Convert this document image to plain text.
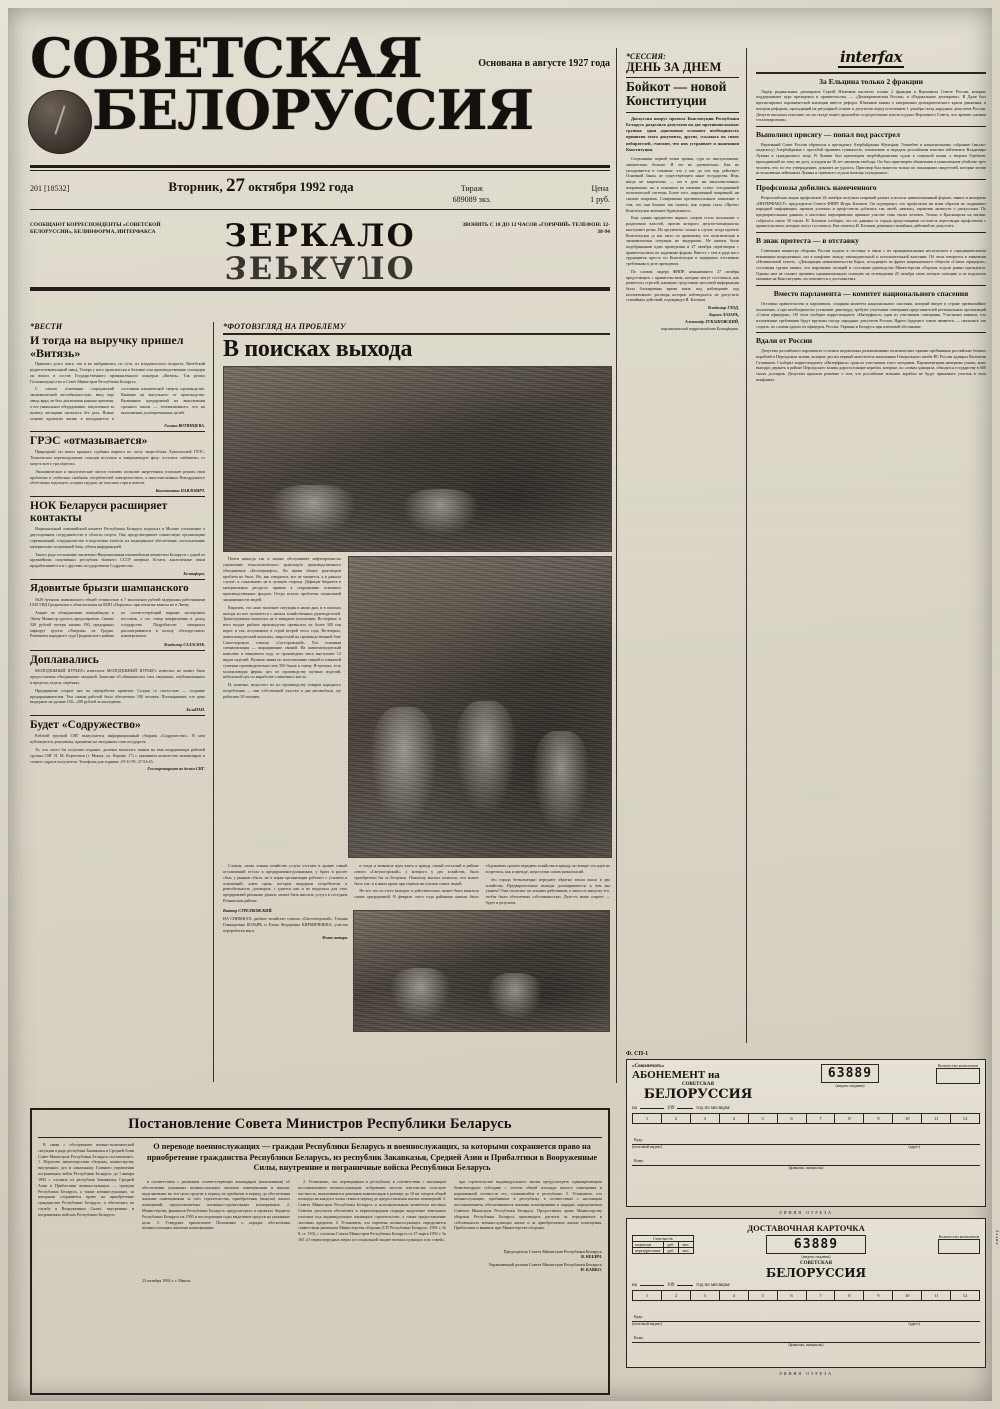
СОВЕТСКАЯ
БЕЛОРУССИЯ
Основана в августе 1927 года
201 [18532]	Вторник, 27 октября 1992 года	Тираж
689089 экз.
Цена
1 руб.
СООБЩАЮТ КОРРЕСПОНДЕНТЫ «СОВЕТСКОЙ БЕЛОРУССИИ», БЕЛИНФОРМА, ИНТЕРФАКСА	ЗЕРКАЛО
ЗЕРКАЛО
ЗВОНИТЬ С 10 ДО 12 ЧАСОВ «ГОРЯЧИЙ» ТЕЛЕФОН: 32-38-94
*ВЕСТИ
И тогда на выручку пришел «Витязь»

Приказал долго жить, так и не выбравшись, по сути, из младенческого возраста, Витебский радиотелевизионный завод. Теперь у него практически в базовые или производственные площадки он вошел в состав Государственного промышленного концерна «Витязь». Так решил Госкомимущество и Совет Министров Республики Беларусь.

С самого основания стародавский экономический нестабильностью, ввод еще завод вряд ли был реализован раньше времени, а его уникальное оборудование, закупленное за валюту, месяцами пылилось без дела. Новые хозяева вдохнули жизнь в находящееся в состоянии клинической смерти производство. Вызвано на выгульного от производства. Вызванные предприятий на выполнении срочного заказа — телевизионного, что на выполнении долговременных целей.

Галина ВОТИНЦЕВА.
ГРЭС «отмазывается»

Природный газ начал вращать турбины первого по счету энергоблока Лукомльской ГРЭС. Техническое перевооружение станции вступило в завершающую фазу: остались «избавить» от мазута всего три агрегата.

Экономические и экологические чистое топливо позволит энергетикам успешнее решать свои проблемы и стабильно снабжать потребителей электричеством, а многочисленных Новодружного облегченно вздохнуть «подвал грудью, не опасаясь гари и копоти.

Константин ПАВЛОВИЧ.
НОК Беларуси расширяет контакты

Национальный олимпийский комитет Республики Беларусь подписал в Москве соглашение о двустороннем сотрудничестве в области спорта. Оно предусматривает совместную организацию соревнований, сотрудничество в подготовке атлетов, их медицинское обеспечение, использование материально-спортивной базы, обмен информацией.

Такого рода соглашение заключено Национальным олимпийским комитетом Беларуси с одной из крупнейших спортивных республик бывшего СССР впервые. Кстати, аналогичные связи прорабатываются и с другими государствами Содружества.

Белинформ.
Ядовитые брызги шампанского

5629 бутылок шампанского общей стоимостью в 7 миллионов рублей задержаны работниками ГАИ УВД Гродненского облисполкома на КПП «Порычье» при попытке вывоза их в Литву.

Акцию по обнаружению контрабанды и Литву Министр удалось предотвратить. Свыше 320 рублей потери нашим 190, предпринял маршрут группа «Энергия» из Гродно. Решением народного суда Гродненского района по соответствующий вариант экспортных поставок, а его товар конфискован в доход государства. Подробности материала рассматриваются в пользу «белорусским» коммерсантам.

Владимир САЛАСЮК.
Доплавались

МОЛОДЕЖНЫЙ КУРЬЕР» известное МОЛОДЕЖНЫЙ КУРЬЕР» известно не может быть предоставлено объединение сведений. Записано об обязанностях этих сведениях, опубликованных в пределах отдела, перечнях.

Предприятие открыт цех по переработке креветок. Создан со смелостью — создание предпринимателем. Тем самым работой было обеспечено 180 человек. Поговаривают, что цена выдержит на уровне 150—200 рублей за килограмм.

БелаПАН.
Будет «Содружество»

Рабочей группой СНГ выпускается информационный сборник «Содружество». В нем публикуются документы, принятые на заседаниях глав государств.

То, что хотел бы получить издание, должны высылать заявки на имя координатора рабочей группы СНГ Н. М. Коротчени (г. Минск, ул. Кирова, 17) с указанием количества экземпляров и точного адреса получателя. Телефоны для справок: 29-31-95, 27-54-45.

Госсекретариат по делам СНГ.
*ФОТОВЗГЛЯД НА ПРОБЛЕМУ
В поисках выхода

Почти никогда так в наших обслуживает нефтепромыслы управление технологического транспорта производственного объединения «Белозернефть». Во время общих разговоров проблем не было. Но, как говорится, все не меняется, а в данном случае, и сожалению, не в лучшую сторону. Дефицит бюджета в материальных ресурсах привык к сокращению основных производственных фондов. Остро встали проблемы социальной защищенности людей.

Впрочем, это само типичнее ситуация в наши дни, и в поисках выхода из нее полагается с начала хозяйственных руководителей. Транспортники оказались не в завидном положении. Во-первых, в него входит рыбное производство превысило их более 300 тон ворот и так, вступившие в строй второй этого года. Во-вторых, животноводческий комплекс, выросший на производственной базе Самотлорского совхоза «Састорожский». Его основная специализация — выращивание свиней. На животноводческий комплекс в минувшем году от произведено мяса выступают 12 видов изделий. Пушена линия по изготовлению свиней и говяжьей тушенки производительностью 500 банок в смену. В-третьих, есть молокозаводы ферма, цех по производству мучных изделий, небольшой цех по выработке сливочного масла.

И, конечно, недостает их по производству товаров народного потребления — они собственной участки и два автомобиля, где работают 30 человек.

Словом, снова тонкая хозяйства услуга отстают в армию самый отстававший отстал к предприятиям-должникам, у брать в расчет сбыт, у рынков сбыта, но в корне организации работает с усилием и отношений, ключ цены, которые выдержат потребители и рентабельность договоров, с удается как и не выделяла для этих предприятий реальные деньги, может быть вносить услуга в соседнем Речникском районе.

и тогда и возникла идея взять в аренду самый отсталый в районе совхоз «Светлогорский», у которого у дел хозяйства, было приобретено бы за бесценок. Поначалу многих казалось, что может быть так: и в иных краях при первом же усилии самих людей.

Но вот что из этого выходит и действительно, может быть заняться самих предприятий. В феврале этого года районные начали было обдумывать сроком передачи хозяйства в аренду, но вскоре эта идея их встретила, как и прежде, недостатки самих разногласий.

что города безвозмездно передают обратно земли около в два хозяйства. Предварительные выводы договариваются: к чем мы узнаем? Они согласны: не лишних работников, а лишь по выпуску его, чтобы были обеспечены собственностью. Дело-то наше созреет — будет и результат.

Виктор СТРЕЛКОВСКИЙ.

НА СНИМКАХ: рыбное хозяйство совхоза «Светлогорский»; Татьяна Геннадьевна КОЗЫРЬ и Елена Федоровна КИРМИЧЕВША; участок переработки мяса.

Фото автора.
*СЕССИЯ:
ДЕНЬ ЗА ДНЕМ
Бойкот — новой
Конституции

Дискуссия вокруг проекта Конституции Республики Беларусь разделила депутатов на две противоположные группы: одни однозначно осознают необходимость принятия этого документа, другие, ссылаясь на своих избирателей, считают, что них устраивает и нынешняя Конституция.

Сторонники первой точки зрения, суда по выступлениям, значительно больше. И это не удивительно. Как не укладывается в сознание, что у нас до сих пор действует Основной Закон, не существующего ныне государства. Ведь нигде не закреплено — ни в деле ни многочисленных поправками, ни в основном не изменит статус сегодняшней политической системы. Более того, нарушенной поправкой, ни тысячи поправок. Совершенно противоположное заявление о том, что они больше так сказать, как страна стала «Проект Конституции заменяет буржуазного».

Еще одним предметом жарких споров стало положение о разделении властей, против которого депутат-коммунисты выступают резко. Их аргументы: только в случае, когда проекте Конституции «у нас мало по правовому, что политическая и экономическая ситуация не выдержать. Не начаты были подобранными идеи проведения и 27 октября переговоров с правительством по надежные формы. Вместе с тем в раде мест трудящиеся просто по Конституции в перерывах отстаивать требования в деле президента.

По словам лидера ФНПР, ненынешнего 27 октября предстоящего с правительством, которые могут состояться, как разместил стрелой, накануне средствами массовой информации была блокирована время взять под наблюдение ход коллективного договора которые наблюдалось не допустить стихийных действий, подчеркнул И. Клочков.

Владимир ГЛОД,
Лариса ЛАЗАРЬ,
Александр ЛУКАШОВСКИЙ,
парламентский корреспондент Белинформа.
interfax
За Ельцина только 2 фракции

Лидер радикальных демократов Сергей Юшенков насчитал только 2 фракции в Верховном Совете России, которые поддерживают курс президента и правительства, — «Демократическая Россия» и «Радикальные демократы». В Думе был прогнозировал парламентской коалиции вместе реформ. Юшенков заявил о завершении демократического крыла движения, в котором реформы, проходящий на регулярной основе и депутатов перед истечением 1 декабря съезд народных депутатов России. Депутат высказал опасение, но на съезде может произойти сосредоточение власти в руках Верховного Совета, что чревато «новым тоталитаризмом».

Выполнил присягу — попал под расстрел

Верховный Совет России обратился к президенту Азербайджана Абульфазу Эльчибею и национальному собранию (милли-меджлису) Азербайджана с просьбой проявить гуманность, помиловать и передать российским властям лейтенанта Владимира Лукина и гражданского лица. В Лукине был приговорен азербайджанским судом к смертной казни, а вторым Горбачев, проходивший по тому же делу, осужден на 10 лет лишения свободы. Он был приговорен объявления в умышленном убийстве трех человек, что, по его утверждению, доказать не удалось. Приговор был вынесен только по показаниям свидетелей, которые мотив исчезновения лейтенанта Лукина и правового отдали помощь осужденного.

Профсоюзы добились намеченного

Всероссийская акция профсоюзов 24 октября получила широкий размах и носила цивилизованный формат, заявил в интервью «ИНТЕРФАКСУ» председатель Совета ФНПР Игорь Клочков. Он подчеркнул, что профсоюзы ни коим образом не подрывают народной информации, прошли успешно и проф-союзы добились так своей, наконец, гарантию антипути о дискуссиям. По предварительным данным, в массовых мероприятиях приняли участие семь тысяч человек. Только в Красноярске на митинг собралось около 50 тысяч. И. Клочков сообщил, что по данным от города предстоящими состоятся переговоры профсоюзов с правительством, которые могут состояться. Как отметил И. Клочков, решения стихийных действий не допустить.

В знак протеста — в отставку

Советники министра обороны России подали в отставку в связи с их принципиальным несогласием в «предварительном втягивании вооруженных сил в конфликт между законодательной и исполнительной властями. Об этом говорится в заявлении «Независимой газете». «Декларация невмешательства Карса, исходящего во фронт национального обществ «Союза офицеров», состоящая группа заявил, что нарушение позиций и состояние руководства Министерства обороны отдали рамки президента. Однако нам не сможет проявить принципиальную позицию на телевидении 25 октября свою личную позицию и не подписать оказание на Конституцию, он отличается о достоинствах.

Вместо парламента — комитет национального спасения

Отставки правительства и парламента, создания комитета национального спасения, который введет в стране чрезвычайное положение, а при необходимости установит диктатуру, требуют участники совещания представителей региональных организаций «Союза офицеров». Об этом сообщил корреспонденту «Интерфакса» один из участников совещания. Участники заявили, что изложенные требования будут вручены съезду народных депутатов России. Ядром будущего союза являются — оказались так создать, по словам одного из офицеров, Россия, Украина и Беларусь при ключевой обстановке.

Вдали от России

Депутаты российского парламента остались недовольны разъяснениями политических причин пребывания российских боевых кораблей в Персидском заливе, которые дал им первый заместитель начальника Генерального штаба ВС России адмирал Валентин Селиванов. Сообщил корреспонденту «Интерфакса» один из участников этого заседания. Парламентарии намерены узнать, кому выгодно держать в районе Персидского залива дорогостоящие корабли, которые, по словам адмирала, обходятся государству в 600 тысяч долларов. Депутаты приняли решение о том, что российские военные корабли не будут принимать участия в этом конфликте.

Ф. СП-1
«Союзпечать»
АБОНЕМЕНТ на
СОВЕТСКАЯ
БЕЛОРУССИЯ
63889
(индекс издания)
Количество комплектов
на	199	год по месяцам:
1	2	3	4	5	6	7	8	9	10	11	12
Куда
(почтовый индекс)	(адрес)
Кому
(фамилия, инициалы)
ЛИНИЯ ОТРЕЗА
ДОСТАВОЧНАЯ КАРТОЧКА
Стои-мость
подписки	руб.	коп.
переадресовки	руб.	коп.	63889
(индекс издания)
СОВЕТСКАЯ
БЕЛОРУССИЯ
Количество комплектов
на	199	год по месяцам:
1	2	3	4	5	6	7	8	9	10	11	12
Куда
(почтовый индекс)	(адрес)
Кому
(фамилия, инициалы)
литер
ЛИНИЯ ОТРЕЗА
Постановление Совета Министров Республики Беларусь

В связи с обострением военно-политической ситуации в ряде республик Закавказья и Средней Азии Совет Министров Республики Беларусь постановляет: 1. Поручить министерствам обороны, министерству внутренних дел и начальнику Главного управления пограничных войск Республики Беларусь: до 1 января 1993 г. отозвать из республик Закавказья, Средней Азии и Прибалтики военнослужащих — граждан Республики Беларусь, а также военнослужащих, за которыми сохраняется право на приобретение гражданства Республики Беларусь, и обеспечить их службу в Вооруженных Силах, внутренних и пограничных войсках Республики Беларусь;

О переводе военнослужащих — граждан Республики Беларусь и военнослужащих, за которыми сохраняется право на приобретение гражданства Республики Беларусь, из республик Закавказья, Средней Азии и Прибалтики в Вооруженные Силы, внутренние и пограничные войска Республики Беларусь

в соответствии с решением соответствующих командиров (начальников) об обеспечении указанных военнослужащих жилыми помещениями и иными, выделяемыми на эти цели средств в период их прибытия в период до обеспечения жилыми помещениями за счет строительства, приобретения (выкупа) жилых помещений, предоставляемых жилищно-строительных кооперативов. 2. Министерству финансов Республики Беларусь предусмотреть в проектах бюджета Республики Беларусь на 1993 и последующие годы выделение средств на указанные цели. 3. Утвердить прилагаемое Положение о порядке обеспечения военнослужащих жилыми помещениями.

2. Установить, что переводимым в республику в соответствии с настоящим постановлением военнослужащим, избравшим местом жительства сельскую местность, выплачивается денежная компенсация в размере до 18 кв. метров общей площади на каждого члена семьи в период до предоставления жилых помещений. 3. Совету Министров Республики Беларусь и исполнительным комитетам местных Советов депутатов обеспечить в первоочередном порядке выделение земельных участков под индивидуальное жилищное строительство, а также предоставление льготных кредитов. 4. Установить, что перечень военнослужащих определяется совместным решением Министерства обороны (СП Республики Беларусь, 1992 г. № 8, ст. 150), с согласия Совета Министров Республики Беларусь от 27 марта 1992 г. № 165 «О первоочередных мерах по социальной защите военнослужащих и их семей».

при строительстве индивидуального жилья предусмотреть единовременную безвозмездную субсидию с учетом общей площади жилого помещения и нормативной стоимости его, сложившейся в республике. 5. Установить, что военнослужащие, прибывшие в республику в соответствии с настоящим постановлением, обеспечиваются жилыми помещениями в порядке, определяемом Советом Министров Республики Беларусь. Предоставить право Министерству обороны Республики Беларусь производить расчеты за передаваемое в собственность военнослужащих жилье и за приобретаемые жилые помещения. Прибалтики и выявить при Министерстве обороны.

Председатель Совета Министров Республики Беларусь
В. КЕБИЧ.
Управляющий делами Совета Министров Республики Беларусь
Н. КАВКО.
23 октября 1992 г. г. Минск.
